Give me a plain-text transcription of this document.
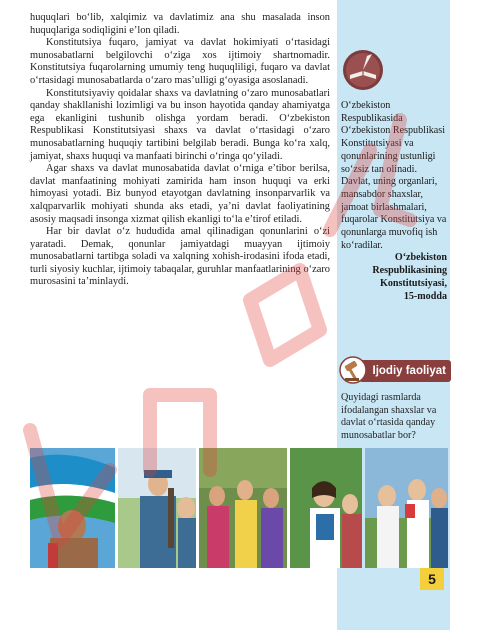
O‘zbekiston Respublikasida O‘zbekiston Respublikasi Konstitutsiyasi va qonunlarining ustunligi so‘zsiz tan olinadi. Davlat, uning organlari, mansabdor shaxslar, jamoat birlashmalari, fuqarolar Konstitutsiya va qonunlarga muvofiq ish ko‘radilar.
O‘zbekiston
Respublikasining
Konstitutsiyasi,
15-modda
Ijodiy faoliyat
Quyidagi rasmlarda ifodalangan shaxslar va davlat o‘rtasida qanday munosabatlar bor?

huquqlari bo‘lib, xalqimiz va davlatimiz ana shu masalada inson huquqlariga sodiqligini e’lon qiladi.

Konstitutsiya fuqaro, jamiyat va davlat hokimiyati o‘rtasidagi munosabatlarni belgilovchi o‘ziga xos ijtimoiy shartnomadir. Konstitutsiya fuqarolarning umumiy teng huquqliligi, fuqaro va davlat o‘rtasidagi munosabatlarda o‘zaro mas’ulligi g‘oyasiga asoslanadi.

Konstitutsiyaviy qoidalar shaxs va davlatning o‘zaro munosabatlari qanday shakllanishi lozimligi va bu inson hayotida qanday ahamiyatga ega ekanligini tushunib olishga yordam beradi. O‘zbekiston Respublikasi Konstitutsiyasi shaxs va davlat o‘rtasidagi o‘zaro munosabatlarning huquqiy tartibini belgilab beradi. Bunga ko‘ra xalq, jamiyat, shaxs huquqi va manfaati birinchi o‘ringa qo‘yiladi.

Agar shaxs va davlat munosabatida davlat o‘rniga e’tibor berilsa, davlat manfaatining mohiyati zamirida ham inson huquqi va erki himoyasi yotadi. Biz bunyod etayotgan davlatning insonparvarlik va xalqparvarlik mohiyati shunda aks etadi, ya’ni davlat faoliyatining asosiy maqsadi insonga xizmat qilish ekanligi to‘la e’tirof etiladi.

Har bir davlat o‘z hududida amal qilinadigan qonunlarini o‘zi yaratadi. Demak, qonunlar jamiyatdagi muayyan ijtimoiy munosabatlarni tartibga soladi va xalqning xohish-irodasini ifoda etadi, turli siyosiy kuchlar, ijtimoiy tabaqalar, guruhlar manfaatlarining o‘zaro murosasini ta’minlaydi.

5
